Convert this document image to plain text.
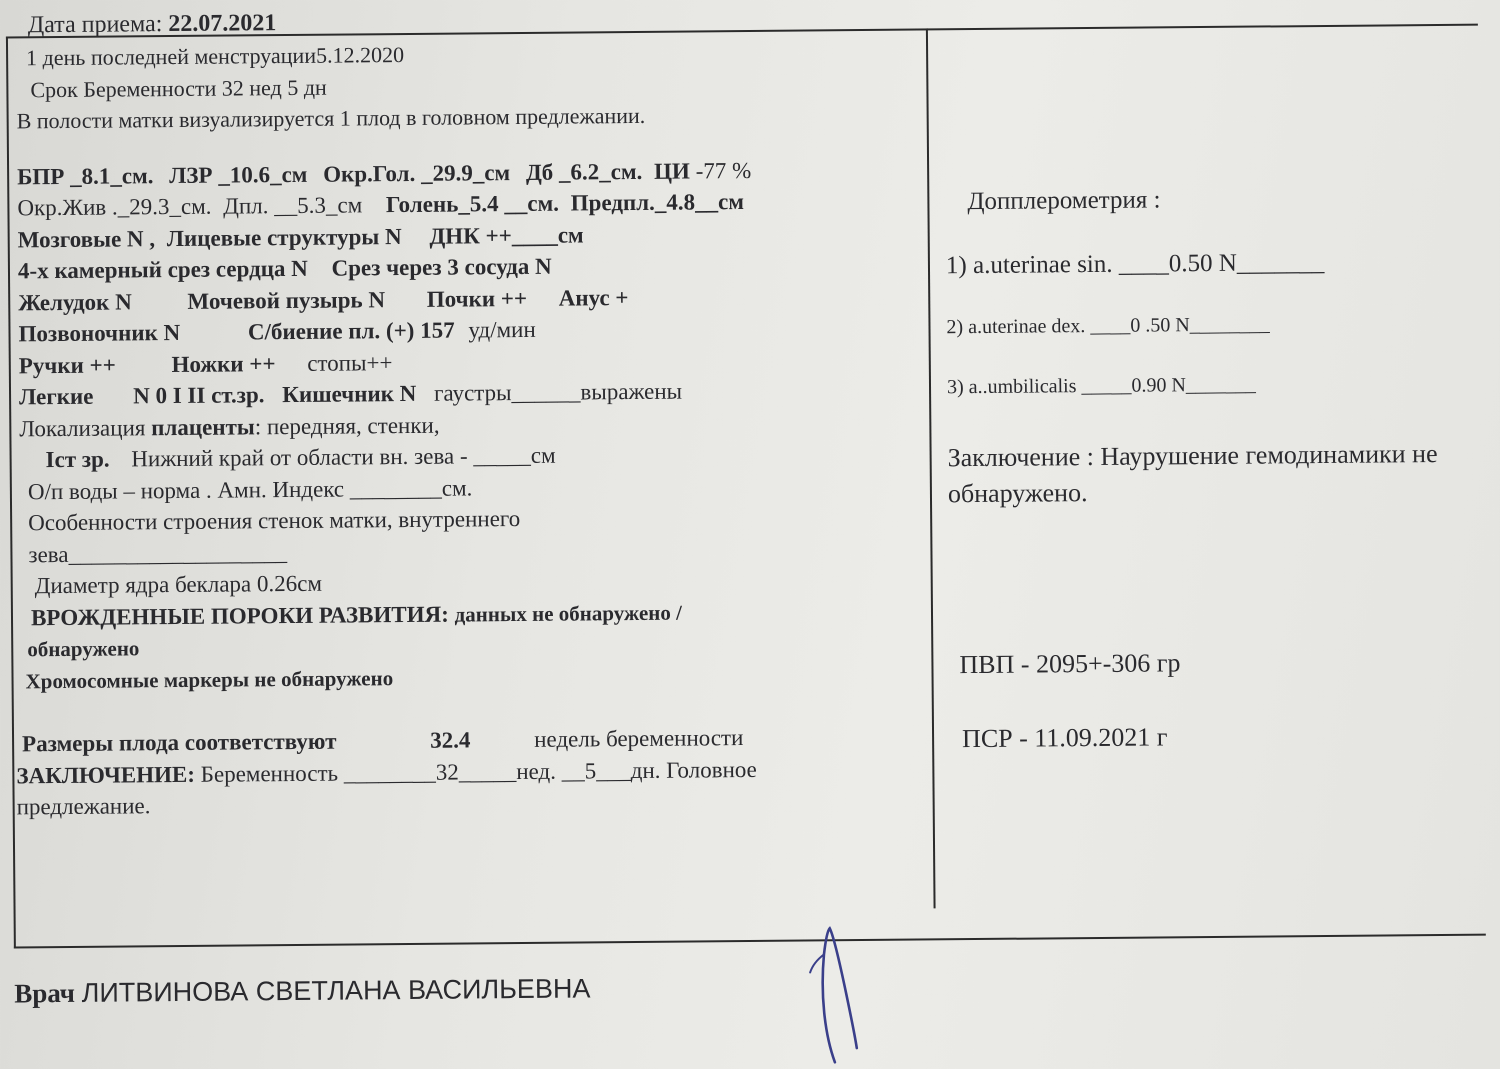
Дата приема: 22.07.2021
1 день последней менструации5.12.2020
Срок Беременности 32 нед 5 дн
В полости матки визуализируется 1 плод в головном предлежании.
БПР _8.1_см. ЛЗР _10.6_см Окр.Гол. _29.9_см Дб _6.2_см. ЦИ -77 %
Окр.Жив ._29.3_см. Дпл. __5.3_см Голень_5.4 __см. Предпл._4.8__см
Мозговые N , Лицевые структуры N ДНК ++____см
4-х камерный срез сердца N Срез через 3 сосуда N
Желудок N Мочевой пузырь N Почки ++ Анус +
Позвоночник N	С/биение пл. (+) 157 уд/мин
Ручки ++ Ножки ++ стопы++
Легкие N 0 I II ст.зр. Кишечник N гаустры______выражены
Локализация плаценты: передняя, стенки,
Iст зр. Нижний край от области вн. зева - _____см
О/п воды – норма . Амн. Индекс ________см.
Особенности строения стенок матки, внутреннего
зева___________________
Диаметр ядра беклара 0.26см
ВРОЖДЕННЫЕ ПОРОКИ РАЗВИТИЯ: данных не обнаружено /
обнаружено
Хромосомные маркеры не обнаружено
Размеры плода соответствуют	32.4	недель беременности
ЗАКЛЮЧЕНИЕ: Беременность ________32_____нед. __5___дн. Головное
предлежание.
Допплерометрия :
1) a.uterinae sin. ____0.50 N_______
2) a.uterinae dex. ____0 .50 N________
3) a..umbilicalis _____0.90 N_______
Заключение : Наурушение гемодинамики не обнаружено.
ПВП - 2095+-306 гр
ПСР - 11.09.2021 г
Врач ЛИТВИНОВА СВЕТЛАНА ВАСИЛЬЕВНА
